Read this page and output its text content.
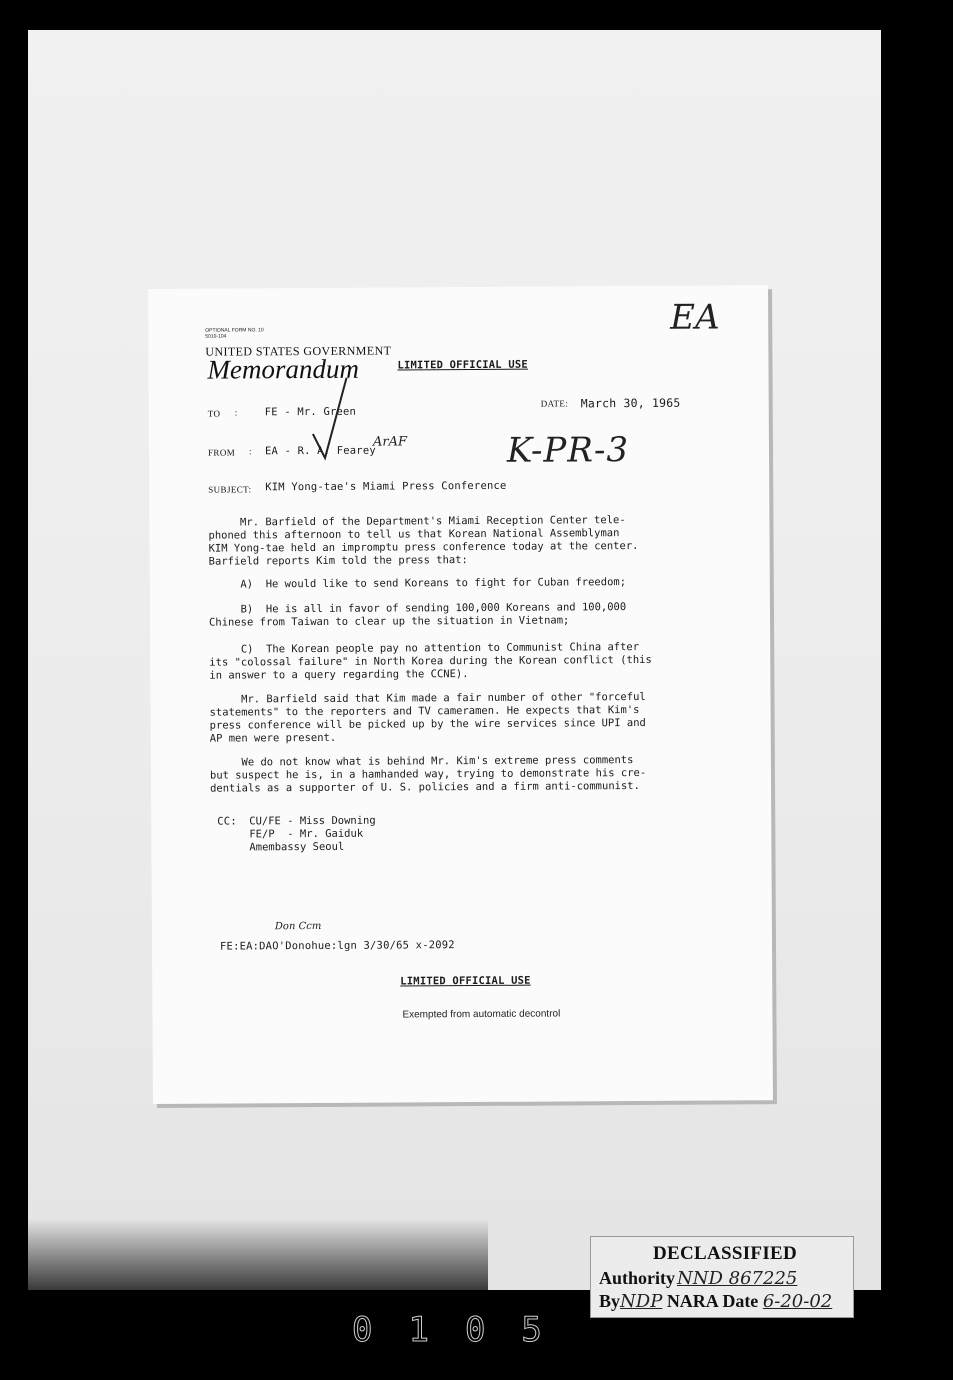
OPTIONAL FORM NO. 10
5010-104
UNITED STATES GOVERNMENT
Memorandum	LIMITED OFFICIAL USE
EA
TO :	FE - Mr. Green
DATE: March 30, 1965
FROM : EA - R. A. Fearey
ArAF	K-PR-3
SUBJECT: KIM Yong-tae's Miami Press Conference
Mr. Barfield of the Department's Miami Reception Center tele-
phoned this afternoon to tell us that Korean National Assemblyman
KIM Yong-tae held an impromptu press conference today at the center.
Barfield reports Kim told the press that:
A)  He would like to send Koreans to fight for Cuban freedom;
B)  He is all in favor of sending 100,000 Koreans and 100,000
Chinese from Taiwan to clear up the situation in Vietnam;
C)  The Korean people pay no attention to Communist China after
its "colossal failure" in North Korea during the Korean conflict (this
in answer to a query regarding the CCNE).
Mr. Barfield said that Kim made a fair number of other "forceful
statements" to the reporters and TV cameramen. He expects that Kim's
press conference will be picked up by the wire services since UPI and
AP men were present.
We do not know what is behind Mr. Kim's extreme press comments
but suspect he is, in a hamhanded way, trying to demonstrate his cre-
dentials as a supporter of U. S. policies and a firm anti-communist.
CC: CU/FE - Miss Downing
FE/P  - Mr. Gaiduk
Amembassy Seoul
Don Ccm
FE:EA:DAO'Donohue:lgn 3/30/65 x-2092
LIMITED OFFICIAL USE
Exempted from automatic decontrol
DECLASSIFIED
Authority NND 867225
ByNDP NARA Date 6-20-02
0105
